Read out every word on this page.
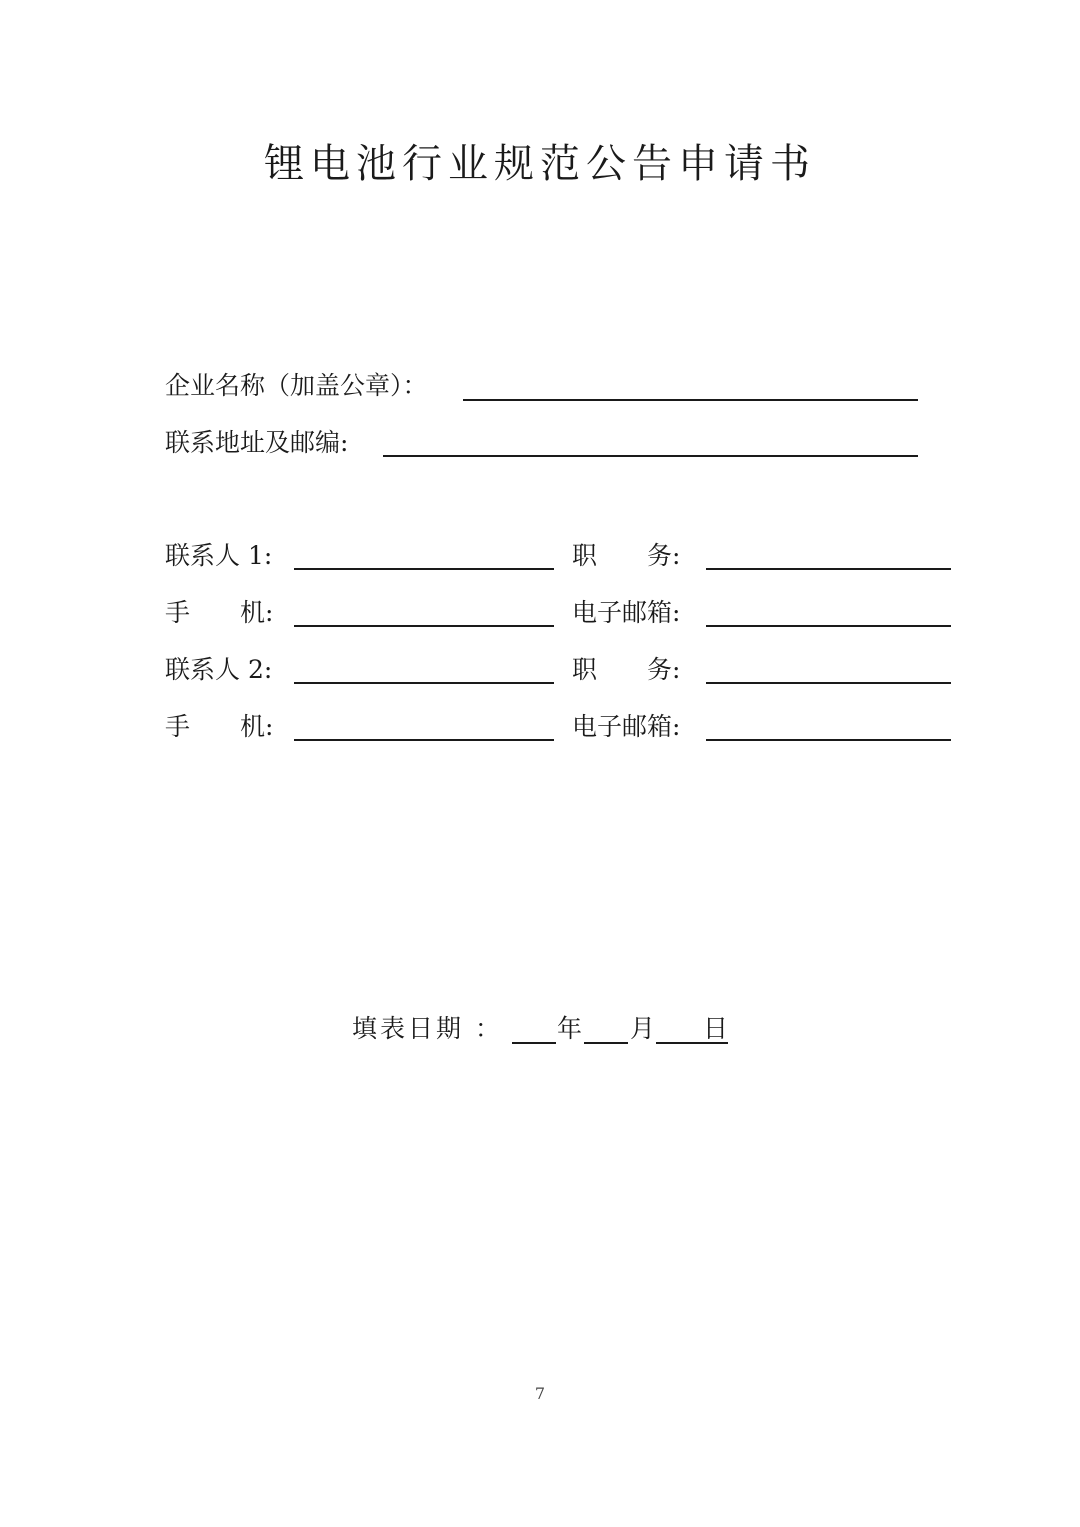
锂电池行业规范公告申请书
企业名称（加盖公章）：
联系地址及邮编:
联系人 1:	职　　务:
手　　机:	电子邮箱:
联系人 2:	职　　务:
手　　机:	电子邮箱:
填表日期 ： 年 月 日
7
